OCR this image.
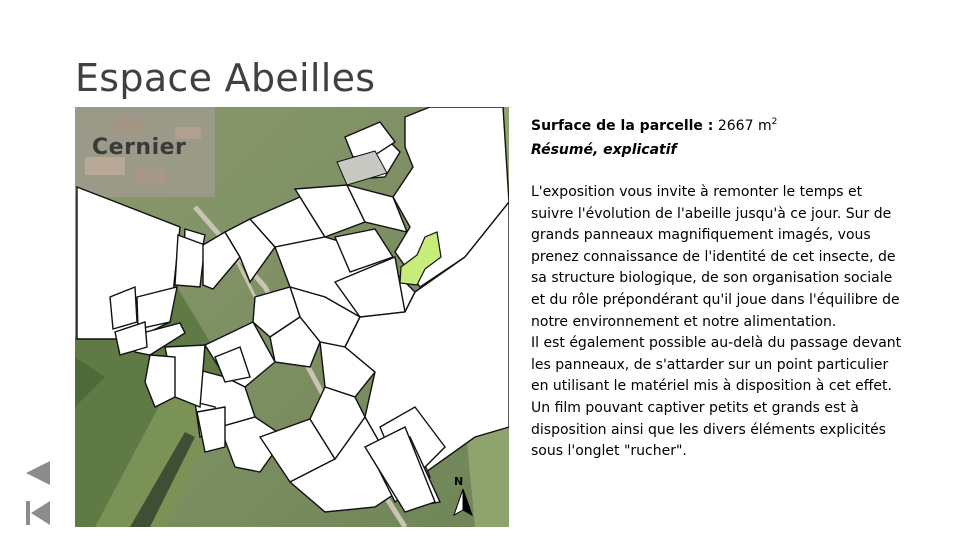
Espace Abeilles
Cernier
N
Surface de la parcelle : 2667 $m^2$
Résumé, explicatif

L'exposition vous invite à remonter le temps et suivre l'évolution de l'abeille jusqu'à ce jour. Sur de grands panneaux magnifiquement imagés, vous prenez connaissance de l'identité de cet insecte, de sa structure biologique, de son organisation sociale et du rôle prépondérant qu'il joue dans l'équilibre de notre environnement et notre alimentation.

Il est également possible au-delà du passage devant les panneaux, de s'attarder sur un point particulier en utilisant le matériel mis à disposition à cet effet.

Un film pouvant captiver petits et grands est à disposition ainsi que les divers éléments explicités sous l'onglet "rucher".
